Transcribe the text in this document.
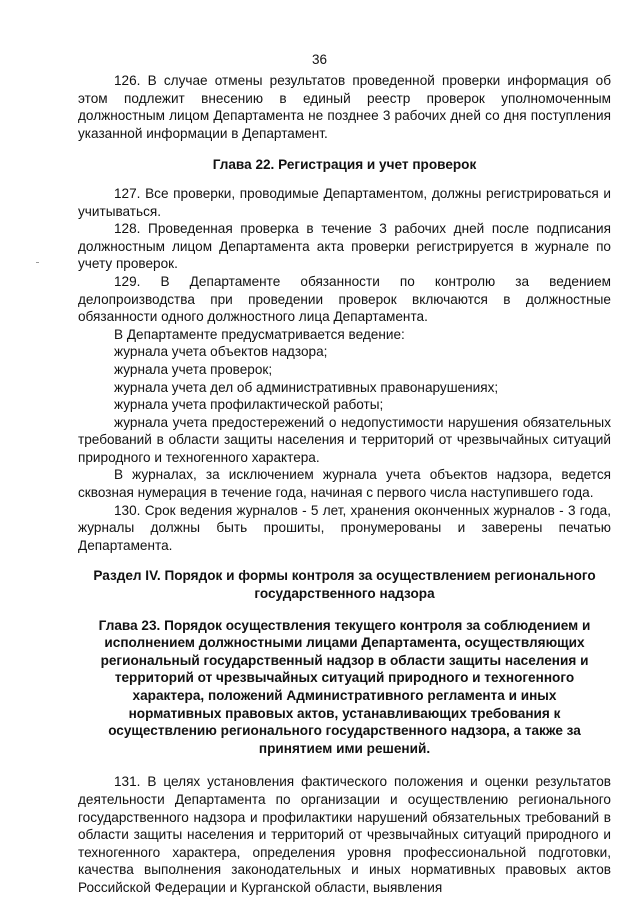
36

126. В случае отмены результатов проведенной проверки информация об этом подлежит внесению в единый реестр проверок уполномоченным должностным лицом Департамента не позднее 3 рабочих дней со дня поступления указанной информации в Департамент.

Глава 22. Регистрация и учет проверок

127. Все проверки, проводимые Департаментом, должны регистрироваться и учитываться.

128. Проведенная проверка в течение 3 рабочих дней после подписания должностным лицом Департамента акта проверки регистрируется в журнале по учету проверок.

129. В Департаменте обязанности по контролю за ведением делопроизводства при проведении проверок включаются в должностные обязанности одного должностного лица Департамента.

В Департаменте предусматривается ведение:

журнала учета объектов надзора;

журнала учета проверок;

журнала учета дел об административных правонарушениях;

журнала учета профилактической работы;

журнала учета предостережений о недопустимости нарушения обязательных требований в области защиты населения и территорий от чрезвычайных ситуаций природного и техногенного характера.

В журналах, за исключением журнала учета объектов надзора, ведется сквозная нумерация в течение года, начиная с первого числа наступившего года.

130. Срок ведения журналов - 5 лет, хранения оконченных журналов - 3 года, журналы должны быть прошиты, пронумерованы и заверены печатью Департамента.

Раздел IV. Порядок и формы контроля за осуществлением регионального

государственного надзора

Глава 23. Порядок осуществления текущего контроля за соблюдением и

исполнением должностными лицами Департамента, осуществляющих

региональный государственный надзор в области защиты населения и

территорий от чрезвычайных ситуаций природного и техногенного

характера, положений Административного регламента и иных

нормативных правовых актов, устанавливающих требования к

осуществлению регионального государственного надзора, а также за

принятием ими решений.

131. В целях установления фактического положения и оценки результатов деятельности Департамента по организации и осуществлению регионального государственного надзора и профилактики нарушений обязательных требований в области защиты населения и территорий от чрезвычайных ситуаций природного и техногенного характера, определения уровня профессиональной подготовки, качества выполнения законодательных и иных нормативных правовых актов Российской Федерации и Курганской области, выявления
